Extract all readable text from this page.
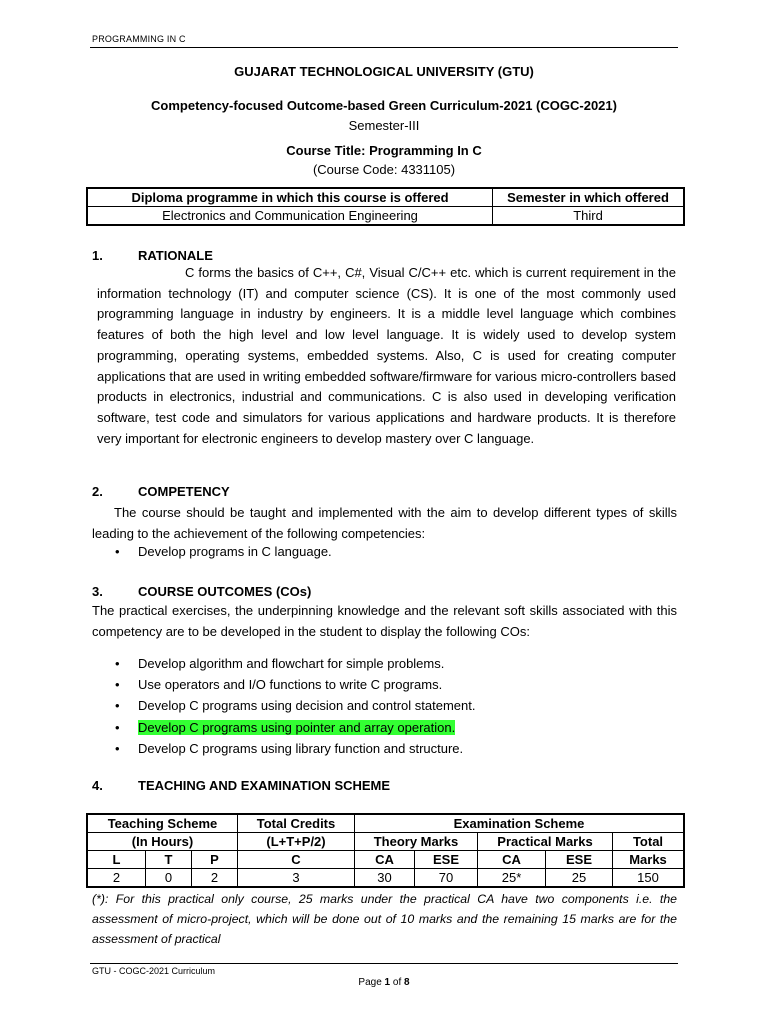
PROGRAMMING IN C
GUJARAT TECHNOLOGICAL UNIVERSITY (GTU)
Competency-focused Outcome-based Green Curriculum-2021 (COGC-2021)
Semester-III
Course Title: Programming In C
(Course Code: 4331105)
Diploma programme in which this course is offered	Semester in which offered
Electronics and Communication Engineering	Third
1.	RATIONALE
C forms the basics of C++, C#, Visual C/C++ etc. which is current requirement in the information technology (IT) and computer science (CS). It is one of the most commonly used programming language in industry by engineers. It is a middle level language which combines features of both the high level and low level language. It is widely used to develop system programming, operating systems, embedded systems. Also, C is used for creating computer applications that are used in writing embedded software/firmware for various micro-controllers based products in electronics, industrial and communications. C is also used in developing verification software, test code and simulators for various applications and hardware products. It is therefore very important for electronic engineers to develop mastery over C language.
2.	COMPETENCY
The course should be taught and implemented with the aim to develop different types of skills leading to the achievement of the following competencies:
• Develop programs in C language.
3.	COURSE OUTCOMES (COs)
The practical exercises, the underpinning knowledge and the relevant soft skills associated with this competency are to be developed in the student to display the following COs:
• Develop algorithm and flowchart for simple problems.
• Use operators and I/O functions to write C programs.
• Develop C programs using decision and control statement.
• Develop C programs using pointer and array operation.
• Develop C programs using library function and structure.
4.	TEACHING AND EXAMINATION SCHEME
Teaching Scheme			Total Credits	Examination Scheme				
(In Hours)			(L+T+P/2)	Theory Marks		Practical Marks		Total
L	T	P	C	CA	ESE	CA	ESE	Marks
2	0	2	3	30	70	25*	25	150
(*): For this practical only course, 25 marks under the practical CA have two components i.e. the assessment of micro-project, which will be done out of 10 marks and the remaining 15 marks are for the assessment of practical
GTU - COGC-2021 Curriculum
Page 1 of 8
